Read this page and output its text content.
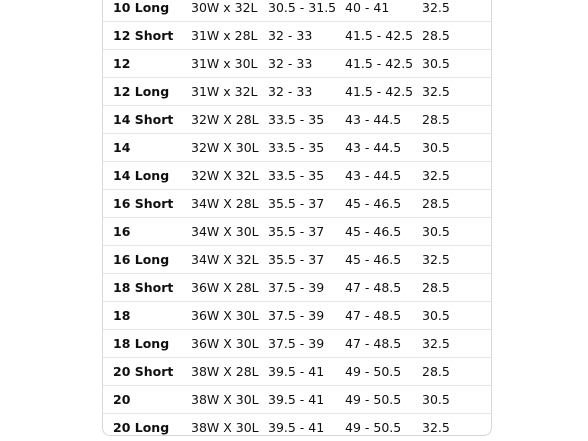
10 Long	30W x 32L	30.5 - 31.5	40 - 41	32.5
12 Short	31W x 28L	32 - 33	41.5 - 42.5	28.5
12	31W x 30L	32 - 33	41.5 - 42.5	30.5
12 Long	31W x 32L	32 - 33	41.5 - 42.5	32.5
14 Short	32W X 28L	33.5 - 35	43 - 44.5	28.5
14	32W X 30L	33.5 - 35	43 - 44.5	30.5
14 Long	32W X 32L	33.5 - 35	43 - 44.5	32.5
16 Short	34W X 28L	35.5 - 37	45 - 46.5	28.5
16	34W X 30L	35.5 - 37	45 - 46.5	30.5
16 Long	34W X 32L	35.5 - 37	45 - 46.5	32.5
18 Short	36W X 28L	37.5 - 39	47 - 48.5	28.5
18	36W X 30L	37.5 - 39	47 - 48.5	30.5
18 Long	36W X 30L	37.5 - 39	47 - 48.5	32.5
20 Short	38W X 28L	39.5 - 41	49 - 50.5	28.5
20	38W X 30L	39.5 - 41	49 - 50.5	30.5
20 Long	38W X 30L	39.5 - 41	49 - 50.5	32.5
